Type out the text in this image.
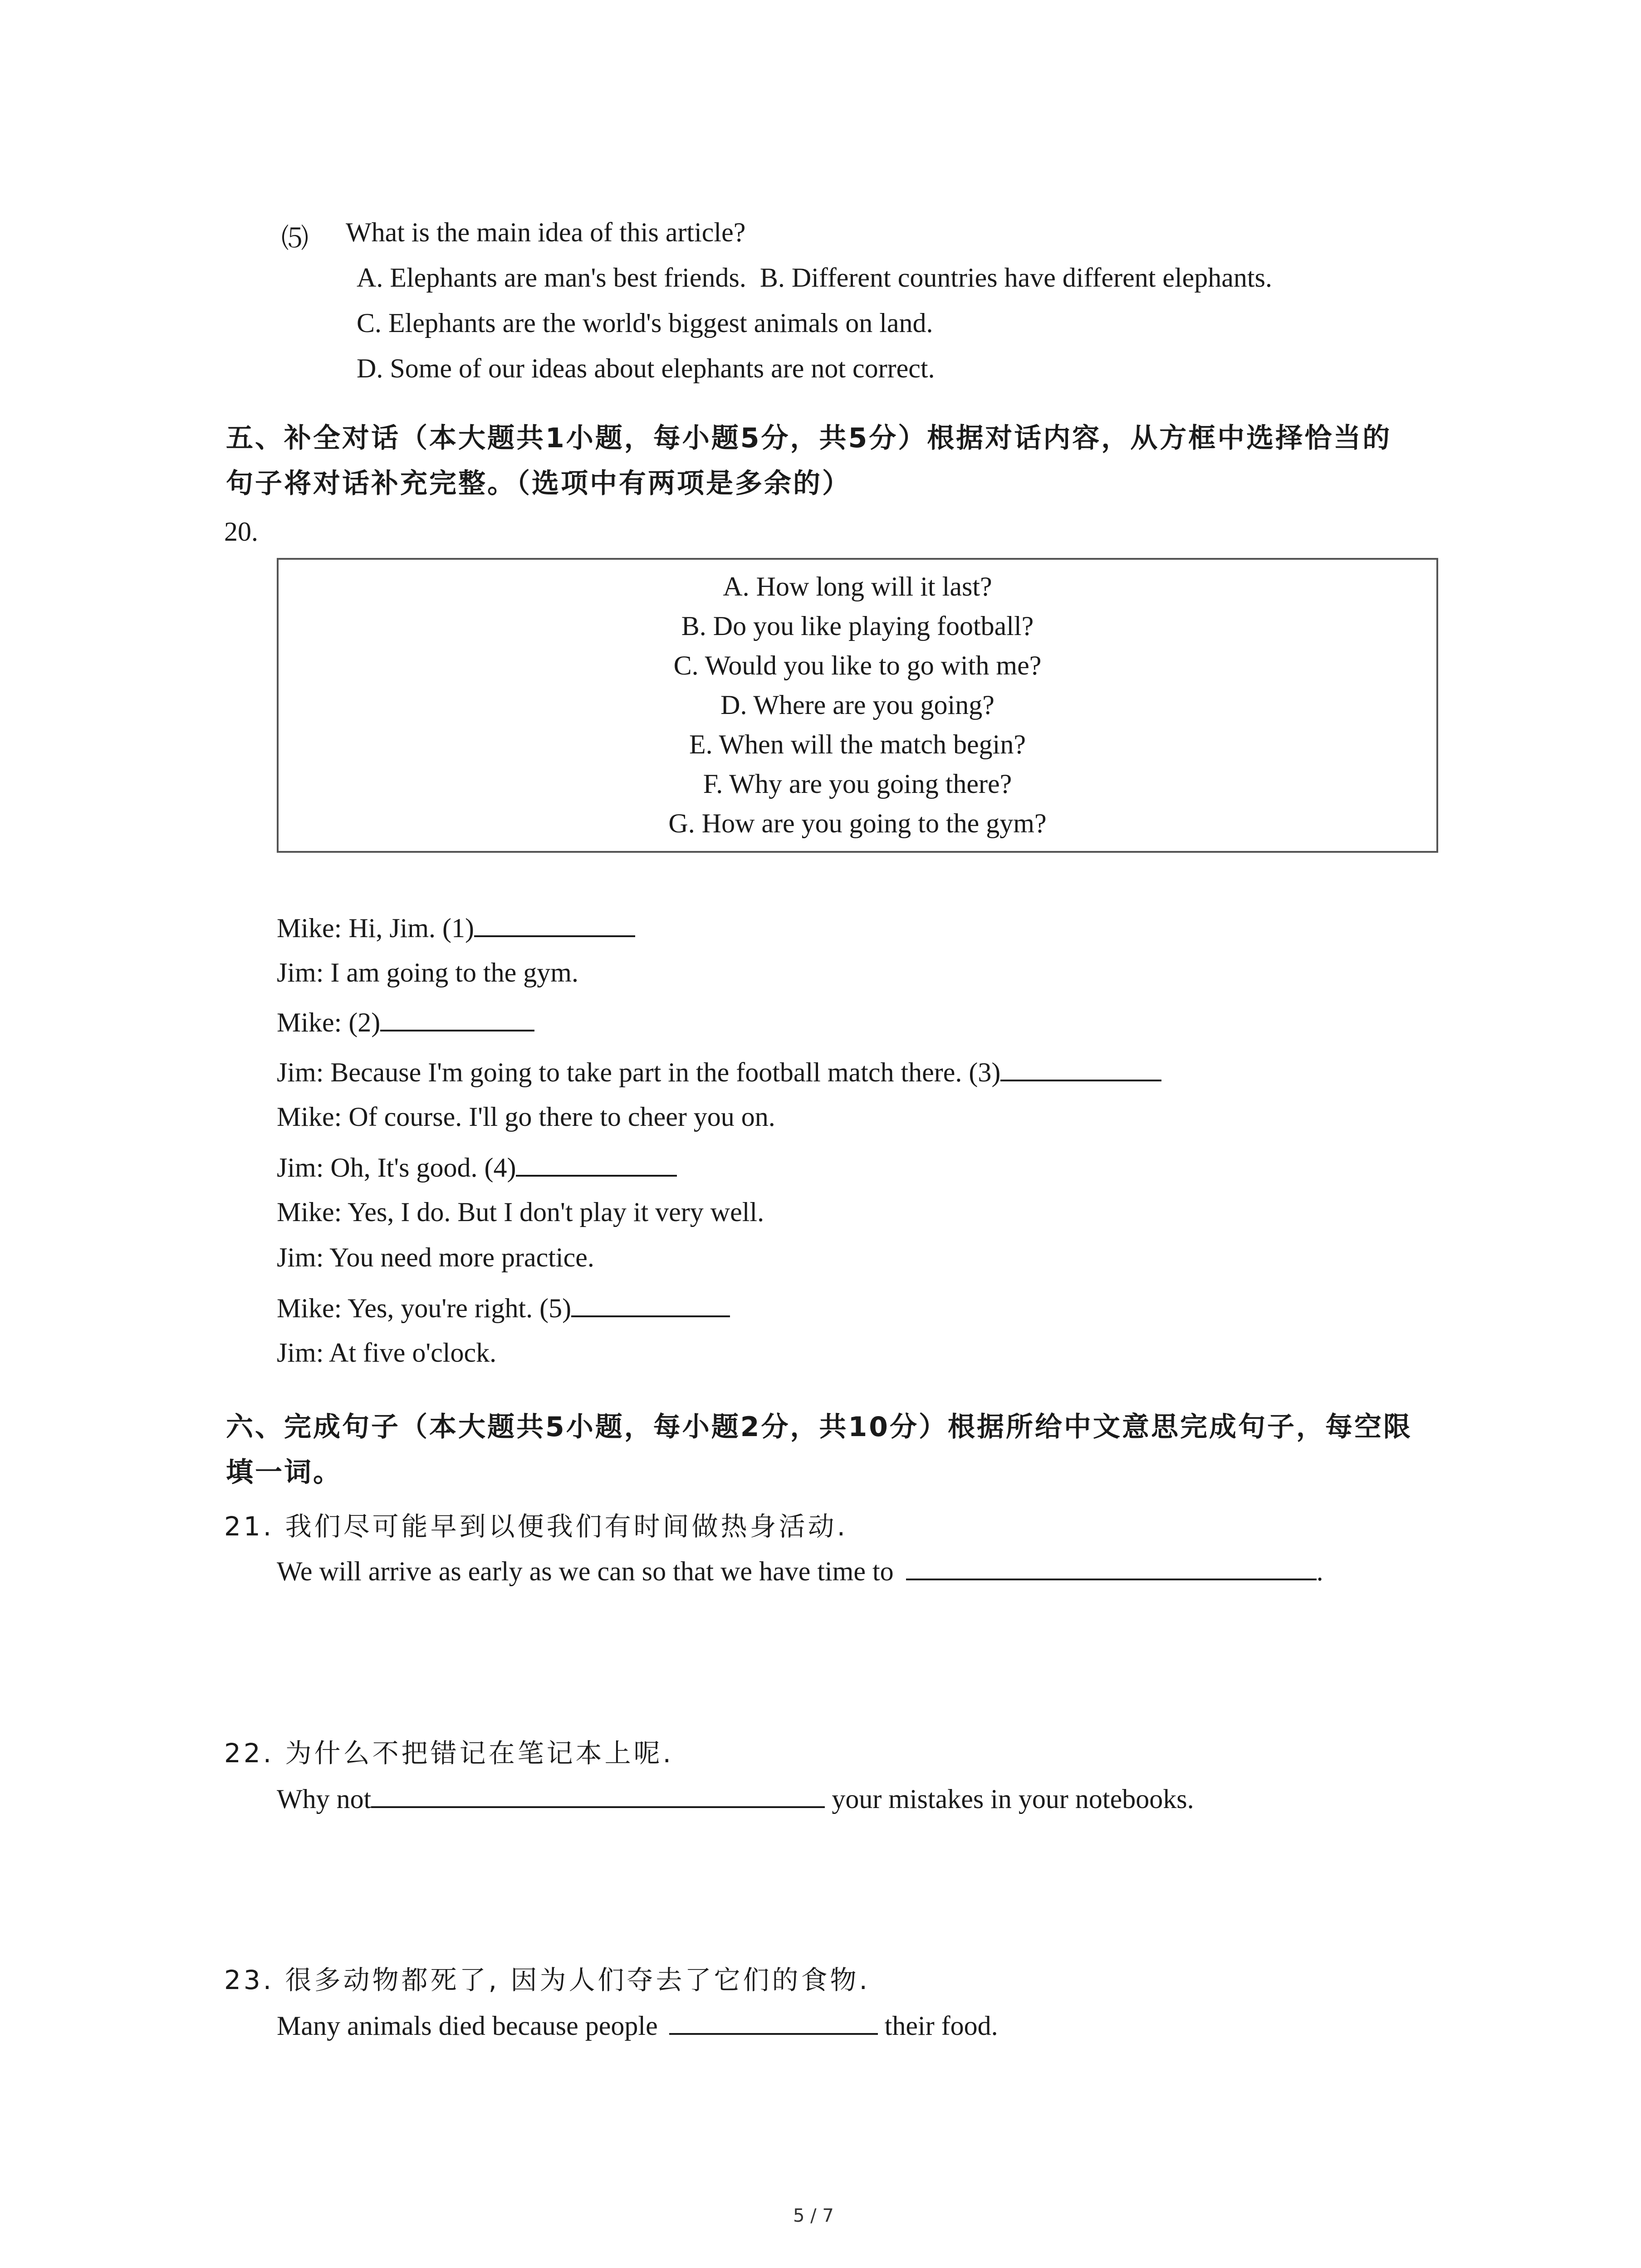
⑸ What is the main idea of this article?
A. Elephants are man's best friends. B. Different countries have different elephants.
C. Elephants are the world's biggest animals on land.
D. Some of our ideas about elephants are not correct.
五、补全对话（本大题共1小题，每小题5分，共5分）根据对话内容，从方框中选择恰当的
句子将对话补充完整。（选项中有两项是多余的）
20.
A. How long will it last?
B. Do you like playing football?
C. Would you like to go with me?
D. Where are you going?
E. When will the match begin?
F. Why are you going there?
G. How are you going to the gym?
Mike: Hi, Jim. (1)
Jim: I am going to the gym.
Mike: (2)
Jim: Because I'm going to take part in the football match there. (3)
Mike: Of course. I'll go there to cheer you on.
Jim: Oh, It's good. (4)
Mike: Yes, I do. But I don't play it very well.
Jim: You need more practice.
Mike: Yes, you're right. (5)
Jim: At five o'clock.
六、完成句子（本大题共5小题，每小题2分，共10分）根据所给中文意思完成句子，每空限
填一词。
21. 我们尽可能早到以便我们有时间做热身活动.
We will arrive as early as we can so that we have time to	.
22. 为什么不把错记在笔记本上呢.
Why not	your mistakes in your notebooks.
23. 很多动物都死了, 因为人们夺去了它们的食物.
Many animals died because people	their food.
5 / 7
